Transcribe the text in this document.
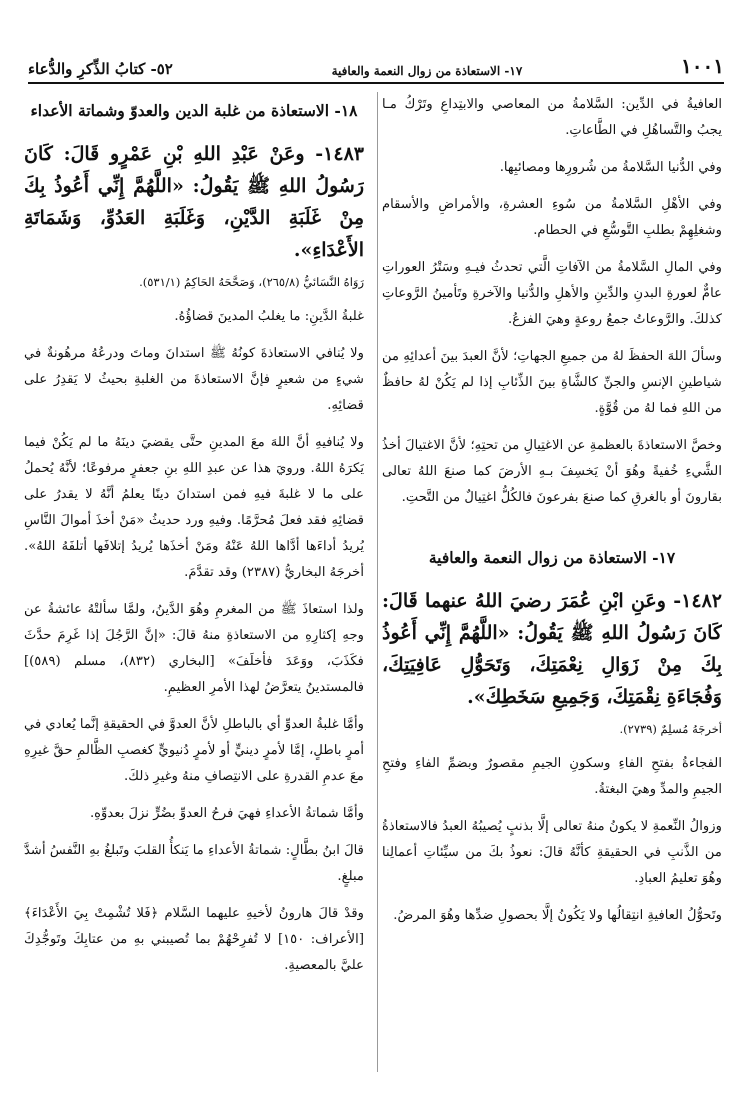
١٠٠١
١٧- الاستعاذة من زوال النعمة والعافية
٥٢- كتابُ الذِّكرِ والدُّعاء

العافيةُ في الدِّين: السَّلامةُ من المعاصي والابتِداعِ وتَرْكُ مـا يجبُ والتَّساهُلِ في الطَّاعاتِ.

وفي الدُّنيا السَّلامةُ من شُرورِها ومصائبِها.

وفي الأهْلِ السَّلامةُ من سُوءِ العشرةِ، والأمراضِ والأسقام وشغلِهِمْ بطلبِ التَّوسُّعِ في الحطام.

وفي المالِ السَّلامةُ من الآفاتِ الَّتي تحدثُ فيـهِ وسَتْرُ العوراتِ عامٌّ لعورةِ البدنِ والدِّينِ والأهلِ والدُّنيا والآخرةِ وتَأمينُ الرَّوعاتِ كذلكَ. والرَّوعاتُ جمعُ روعةٍ وهيَ الفزعُ.

وسألَ اللهَ الحفظَ لهُ من جميعِ الجهاتِ؛ لأنَّ العبدَ بينَ أعدائِهِ من شياطينِ الإنسِ والجنِّ كالشَّاةِ بينَ الذِّئابِ إذا لم يَكُنْ لهُ حافظٌ من اللهِ فما لهُ من قُوَّةٍ.

وخصَّ الاستعاذةَ بالعظمةِ عن الاغتِيالِ من تحتِهِ؛ لأنَّ الاغتيالَ أخذُ الشَّيءِ خُفيةً وهُوَ أنْ يَخسِفَ بـهِ الأرضَ كما صنعَ اللهُ تعالى بقارونَ أو بالغرقِ كما صنعَ بفرعونَ فالكُلُّ اغتِيالٌ من التَّحتِ.

١٧- الاستعاذة من زوال النعمة والعافية
١٤٨٢- وعَنِ ابْنِ عُمَرَ رضيَ اللهُ عنهما قَالَ: كَانَ رَسُولُ اللهِ ﷺ يَقُولُ: «اللَّهُمَّ إِنِّي أَعُوذُ بِكَ مِنْ زَوَالِ نِعْمَتِكَ، وَتَحَوُّلِ عَافِيَتِكَ، وَفُجَاءَةِ نِقْمَتِكَ، وَجَمِيعِ سَخَطِكَ».
أخرجَهُ مُسلِمٌ (٢٧٣٩).

الفجاءةُ بفتحِ الفاءِ وسكونِ الجيمِ مقصورٌ وبضمِّ الفاءِ وفتحِ الجيمِ والمدِّ وهيَ البغتةُ.

وزوالُ النِّعمةِ لا يكونُ منهُ تعالى إلَّا بذنبٍ يُصيبُهُ العبدُ فالاستعاذةُ من الذَّنبِ في الحقيقةِ كأنَّهُ قالَ: نعوذُ بكَ من سيِّئاتِ أعمالِنا وهُوَ تعليمُ العبادِ.

وتَحوُّلُ العافيةِ انتِقالُها ولا يَكُونُ إلَّا بحصولِ ضدِّها وهُوَ المرضُ.

١٨- الاستعاذة من غلبة الدين والعدوّ وشماتة الأعداء
١٤٨٣- وعَنْ عَبْدِ اللهِ بْنِ عَمْرٍو قَالَ: كَانَ رَسُولُ اللهِ ﷺ يَقُولُ: «اللَّهُمَّ إِنِّي أَعُوذُ بِكَ مِنْ غَلَبَةِ الدَّيْنِ، وَغَلَبَةِ العَدُوِّ، وَشَمَاتَةِ الأَعْدَاءِ».
رَوَاهُ النَّسَائيُّ (٢٦٥/٨)، وَصَحَّحَهُ الحَاكِمُ (٥٣١/١).

غلبةُ الدَّينِ: ما يغلبُ المدينَ قضاؤُهُ.

ولا يُنافي الاستعاذةَ كونُهُ ﷺ استدانَ وماتَ ودرعُهُ مرهُونةٌ في شيءٍ من شعيرٍ فإنَّ الاستعاذةَ من الغلبةِ بحيثُ لا يَقدِرُ على قضائِهِ.

ولا يُنافيهِ أنَّ اللهَ معَ المدينِ حتَّى يقضيَ دينَهُ ما لم يَكُنْ فيما يَكرَهُ اللهُ. ورويَ هذا عن عبدِ اللهِ بنِ جعفرٍ مرفوعًا؛ لأنَّهُ يُحملُ على ما لا غلبةَ فيهِ فمن استدانَ دينًا يعلمُ أنَّهُ لا يقدرُ على قضائِهِ فقد فعلَ مُحرَّمًا. وفيهِ ورد حديثُ «مَنْ أخذَ أموالَ النَّاسِ يُريدُ أداءَها أدَّاها اللهُ عَنْهُ ومَنْ أخذَها يُريدُ إتلافَها أتلفَهُ اللهُ». أخرجَهُ البخاريُّ (٢٣٨٧) وقد تقدَّمَ.

ولذا استعاذَ ﷺ من المغرمِ وهُوَ الدَّينُ، ولمَّا سألتْهُ عائشةُ عن وجهِ إكثارِهِ من الاستعاذةِ منهُ قالَ: «إنَّ الرَّجُلَ إذا غَرِمَ حدَّثَ فكَذَبَ، ووَعَدَ فأخلَفَ» [البخاري (٨٣٢)، مسلم (٥٨٩)] فالمستدينُ يتعرَّضُ لهذا الأمرِ العظيمِ.

وأمَّا غلبةُ العدوِّ أي بالباطلِ لأنَّ العدوَّ في الحقيقةِ إنَّما يُعادي في أمرٍ باطلٍ، إمَّا لأمرٍ دينيٍّ أو لأمرٍ دُنيويٍّ كغصبِ الظَّالمِ حقَّ غيرِهِ معَ عدمِ القدرةِ على الانتِصافِ منهُ وغيرِ ذلكَ.

وأمَّا شماتةُ الأعداءِ فهيَ فرحُ العدوِّ بضُرٍّ نزلَ بعدوِّهِ.

قالَ ابنُ بطَّالٍ: شماتةُ الأعداءِ ما يَنكأُ القلبَ وتَبلغُ بهِ النَّفسُ أشدَّ مبلغٍ.

وقدْ قالَ هارونُ لأخيهِ عليهما السَّلام ﴿فَلا تُشْمِتْ بِيَ الأَعْدَاءَ﴾ [الأعراف: ١٥٠] لا تُفرِحْهُمْ بما تُصيبني بهِ من عتابِكَ وتَوجُّدِكَ عليَّ بالمعصيةِ.
